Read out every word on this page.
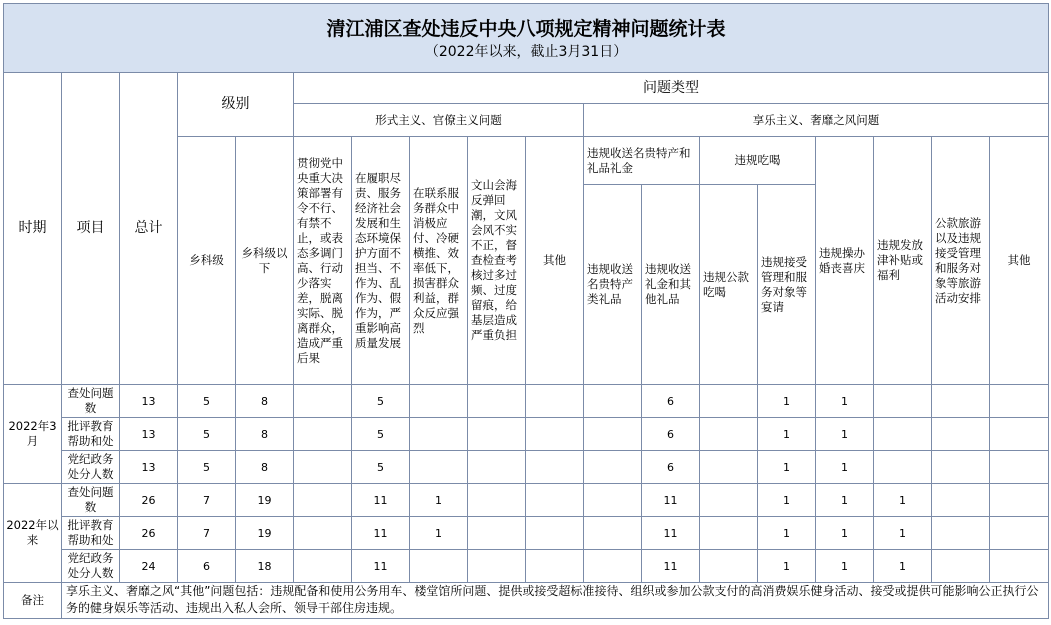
清江浦区查处违反中央八项规定精神问题统计表
（2022年以来，截止3月31日）																	

时期	项目	总计	级别		问题类型												
					形式主义、官僚主义问题					享乐主义、奢靡之风问题							
			乡科级	乡科级以下	贯彻党中央重大决策部署有令不行、有禁不止，或表态多调门高、行动少落实差，脱离实际、脱离群众，造成严重后果	在履职尽责、服务经济社会发展和生态环境保护方面不担当、不作为、乱作为、假作为，严重影响高质量发展	在联系服务群众中消极应付、冷硬横推、效率低下，损害群众利益，群众反应强烈	文山会海反弹回潮，文风会风不实不正，督查检查考核过多过频、过度留痕，给基层造成严重负担	其他	违规收送名贵特产和礼品礼金		违规吃喝		违规操办婚丧喜庆	违规发放津补贴或福利	公款旅游以及违规接受管理和服务对象等旅游活动安排	其他
										违规收送名贵特产类礼品	违规收送礼金和其他礼品	违规公款吃喝	违规接受管理和服务对象等宴请				

2022年3月	查处问题数	13	5	8		5					6		1	1			
	批评教育帮助和处	13	5	8		5					6		1	1			
	党纪政务处分人数	13	5	8		5					6		1	1			
2022年以来	查处问题数	26	7	19		11	1				11		1	1	1		
	批评教育帮助和处	26	7	19		11	1				11		1	1	1		
	党纪政务处分人数	24	6	18		11					11		1	1	1		
备注	享乐主义、奢靡之风“其他”问题包括：违规配备和使用公务用车、楼堂馆所问题、提供或接受超标准接待、组织或参加公款支付的高消费娱乐健身活动、接受或提供可能影响公正执行公务的健身娱乐等活动、违规出入私人会所、领导干部住房违规。																
